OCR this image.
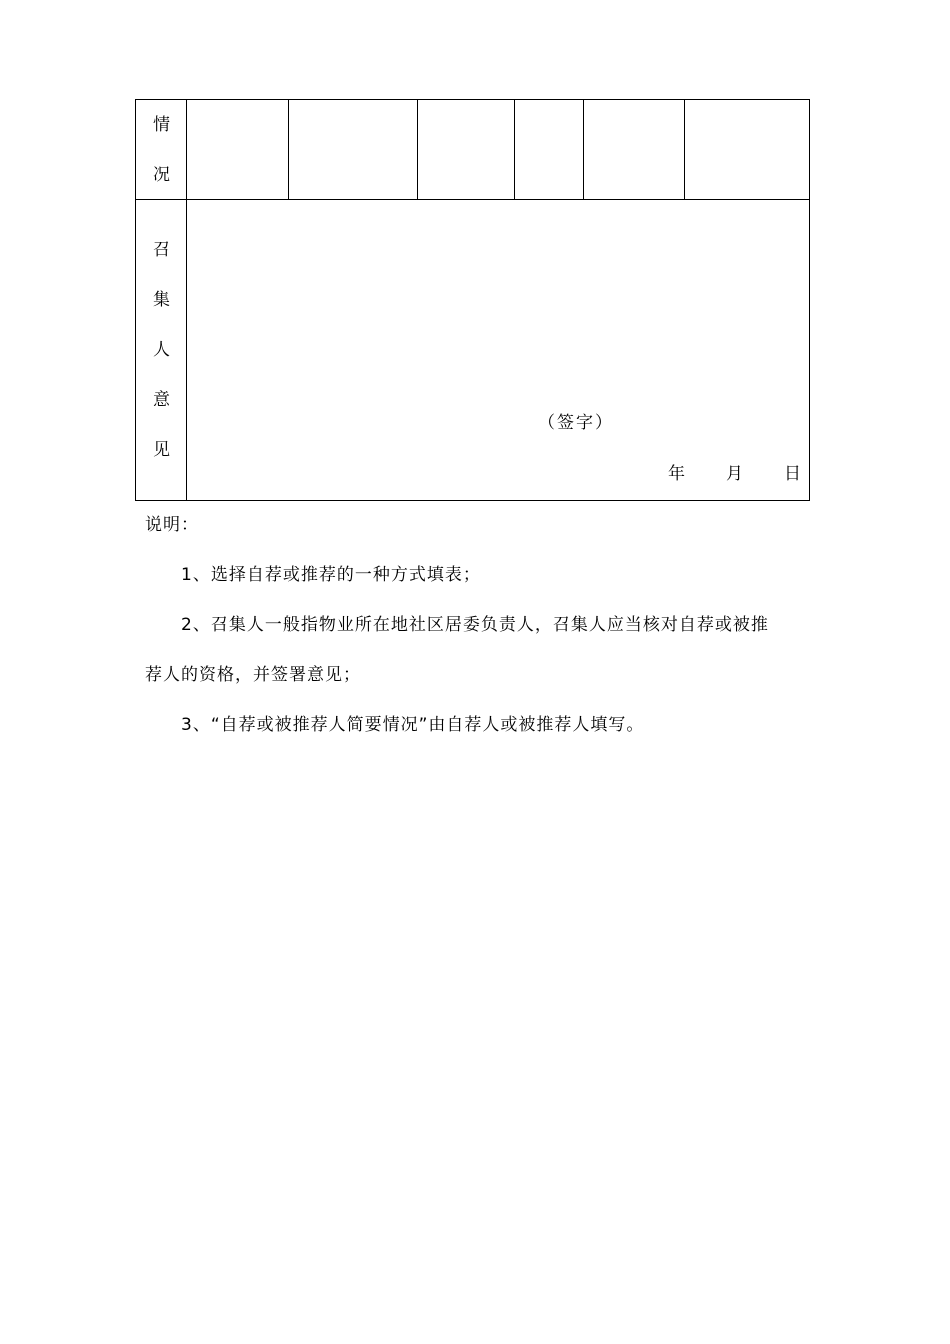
情
况
召
集
人
意
见
（签字）
年 月 日
说明：
1、选择自荐或推荐的一种方式填表；
2、召集人一般指物业所在地社区居委负责人，召集人应当核对自荐或被推
荐人的资格，并签署意见；
3、“自荐或被推荐人简要情况”由自荐人或被推荐人填写。
